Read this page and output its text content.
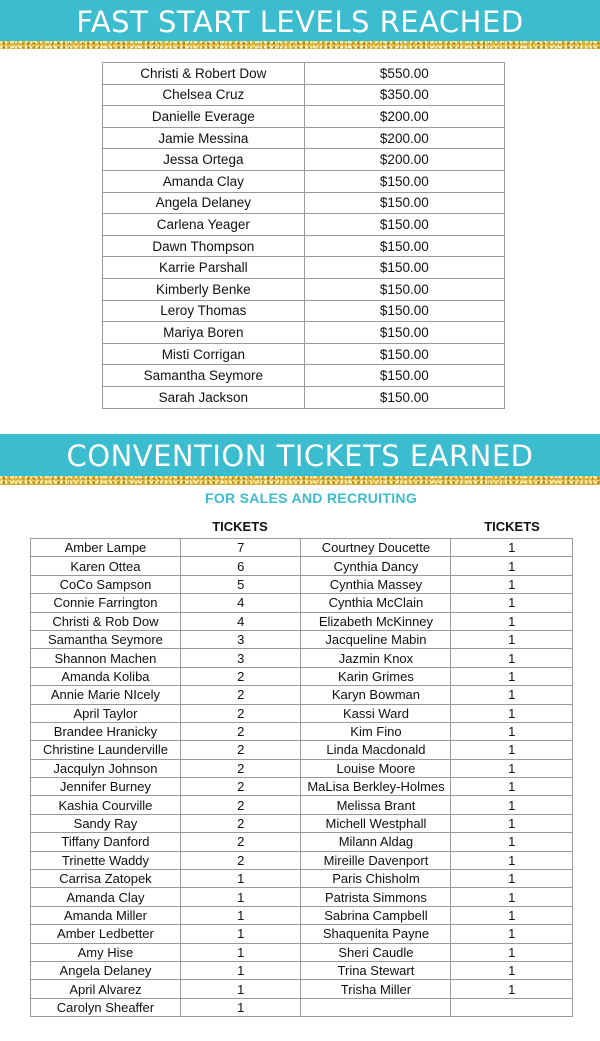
FAST START LEVELS REACHED
Christi & Robert Dow	$550.00
Chelsea Cruz	$350.00
Danielle Everage	$200.00
Jamie Messina	$200.00
Jessa Ortega	$200.00
Amanda Clay	$150.00
Angela Delaney	$150.00
Carlena Yeager	$150.00
Dawn Thompson	$150.00
Karrie Parshall	$150.00
Kimberly Benke	$150.00
Leroy Thomas	$150.00
Mariya Boren	$150.00
Misti Corrigan	$150.00
Samantha Seymore	$150.00
Sarah Jackson	$150.00
CONVENTION TICKETS EARNED
FOR SALES AND RECRUITING
TICKETS	TICKETS
Amber Lampe	7	Courtney Doucette	1
Karen Ottea	6	Cynthia Dancy	1
CoCo Sampson	5	Cynthia Massey	1
Connie Farrington	4	Cynthia McClain	1
Christi & Rob Dow	4	Elizabeth McKinney	1
Samantha Seymore	3	Jacqueline Mabin	1
Shannon Machen	3	Jazmin Knox	1
Amanda Koliba	2	Karin Grimes	1
Annie Marie NIcely	2	Karyn Bowman	1
April Taylor	2	Kassi Ward	1
Brandee Hranicky	2	Kim Fino	1
Christine Launderville	2	Linda Macdonald	1
Jacqulyn Johnson	2	Louise Moore	1
Jennifer Burney	2	MaLisa Berkley-Holmes	1
Kashia Courville	2	Melissa Brant	1
Sandy Ray	2	Michell Westphall	1
Tiffany Danford	2	Milann Aldag	1
Trinette Waddy	2	Mireille Davenport	1
Carrisa Zatopek	1	Paris Chisholm	1
Amanda Clay	1	Patrista Simmons	1
Amanda Miller	1	Sabrina Campbell	1
Amber Ledbetter	1	Shaquenita Payne	1
Amy Hise	1	Sheri Caudle	1
Angela Delaney	1	Trina Stewart	1
April Alvarez	1	Trisha Miller	1
Carolyn Sheaffer	1		
